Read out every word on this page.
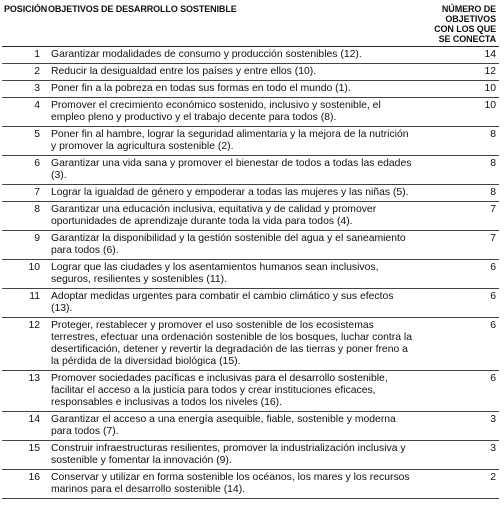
POSICIÓN	OBJETIVOS DE DESARROLLO SOSTENIBLE	NÚMERO DE OBJETIVOS
CON LOS QUE SE CONECTA

1	Garantizar modalidades de consumo y producción sostenibles (12).	14
2	Reducir la desigualdad entre los países y entre ellos (10).	12
3	Poner fin a la pobreza en todas sus formas en todo el mundo (1).	10
4	Promover el crecimiento económico sostenido, inclusivo y sostenible, el empleo pleno y productivo y el trabajo decente para todos (8).	10
5	Poner fin al hambre, lograr la seguridad alimentaria y la mejora de la nutrición y promover la agricultura sostenible (2).	8
6	Garantizar una vida sana y promover el bienestar de todos a todas las edades (3).	8
7	Lograr la igualdad de género y empoderar a todas las mujeres y las niñas (5).	8
8	Garantizar una educación inclusiva, equitativa y de calidad y promover oportunidades de aprendizaje durante toda la vida para todos (4).	7
9	Garantizar la disponibilidad y la gestión sostenible del agua y el saneamiento para todos (6).	7
10	Lograr que las ciudades y los asentamientos humanos sean inclusivos, seguros, resilientes y sostenibles (11).	6
11	Adoptar medidas urgentes para combatir el cambio climático y sus efectos (13).	6
12	Proteger, restablecer y promover el uso sostenible de los ecosistemas terrestres, efectuar una ordenación sostenible de los bosques, luchar contra la desertificación, detener y revertir la degradación de las tierras y poner freno a la pérdida de la diversidad biológica (15).	6
13	Promover sociedades pacíficas e inclusivas para el desarrollo sostenible, facilitar el acceso a la justicia para todos y crear instituciones eficaces, responsables e inclusivas a todos los niveles (16).	6
14	Garantizar el acceso a una energía asequible, fiable, sostenible y moderna para todos (7).	3
15	Construir infraestructuras resilientes, promover la industrialización inclusiva y sostenible y fomentar la innovación (9).	3
16	Conservar y utilizar en forma sostenible los océanos, los mares y los recursos marinos para el desarrollo sostenible (14).	2
